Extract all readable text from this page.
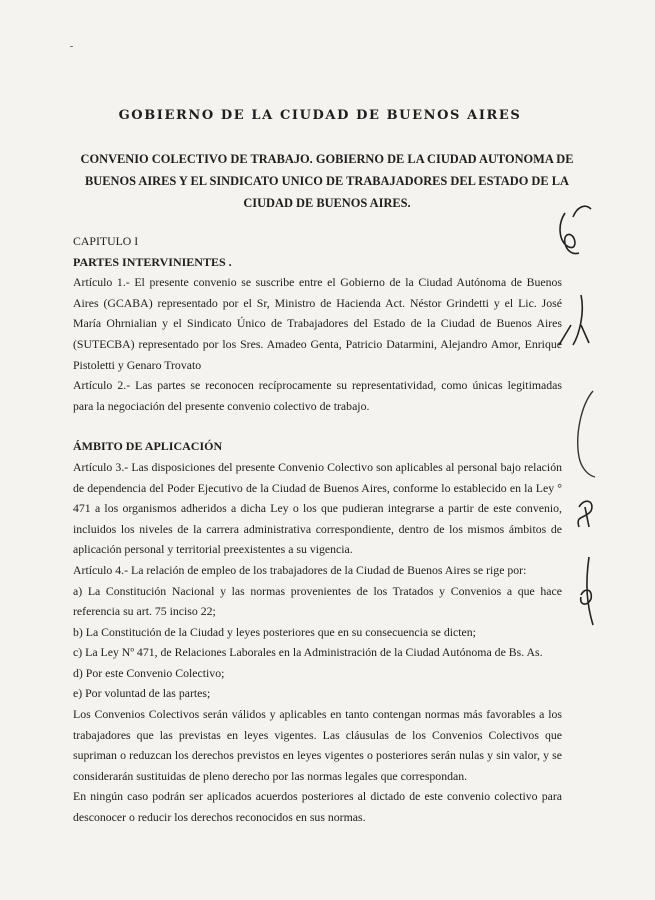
GOBIERNO DE LA CIUDAD DE BUENOS AIRES
CONVENIO COLECTIVO DE TRABAJO. GOBIERNO DE LA CIUDAD AUTONOMA DE BUENOS AIRES Y EL SINDICATO UNICO DE TRABAJADORES DEL ESTADO DE LA CIUDAD DE BUENOS AIRES.

CAPITULO I

PARTES INTERVINIENTES .

Artículo 1.- El presente convenio se suscribe entre el Gobierno de la Ciudad Autónoma de Buenos Aires (GCABA) representado por el Sr, Ministro de Hacienda Act. Néstor Grindetti y el Lic. José María Ohrnialian y el Sindicato Único de Trabajadores del Estado de la Ciudad de Buenos Aires (SUTECBA) representado por los Sres. Amadeo Genta, Patricio Datarmini, Alejandro Amor, Enrique Pistoletti y Genaro Trovato

Artículo 2.- Las partes se reconocen recíprocamente su representatividad, como únicas legitimadas para la negociación del presente convenio colectivo de trabajo.

ÁMBITO DE APLICACIÓN

Artículo 3.- Las disposiciones del presente Convenio Colectivo son aplicables al personal bajo relación de dependencia del Poder Ejecutivo de la Ciudad de Buenos Aires, conforme lo establecido en la Ley ° 471 a los organismos adheridos a dicha Ley o los que pudieran integrarse a partir de este convenio, incluidos los niveles de la carrera administrativa correspondiente, dentro de los mismos ámbitos de aplicación personal y territorial preexistentes a su vigencia.

Artículo 4.- La relación de empleo de los trabajadores de la Ciudad de Buenos Aires se rige por:

a) La Constitución Nacional y las normas provenientes de los Tratados y Convenios a que hace referencia su art. 75 inciso 22;

b) La Constitución de la Ciudad y leyes posteriores que en su consecuencia se dicten;

c) La Ley Nº 471, de Relaciones Laborales en la Administración de la Ciudad Autónoma de Bs. As.

d) Por este Convenio Colectivo;

e) Por voluntad de las partes;

Los Convenios Colectivos serán válidos y aplicables en tanto contengan normas más favorables a los trabajadores que las previstas en leyes vigentes. Las cláusulas de los Convenios Colectivos que supriman o reduzcan los derechos previstos en leyes vigentes o posteriores serán nulas y sin valor, y se considerarán sustituidas de pleno derecho por las normas legales que correspondan.

En ningún caso podrán ser aplicados acuerdos posteriores al dictado de este convenio colectivo para desconocer o reducir los derechos reconocidos en sus normas.
